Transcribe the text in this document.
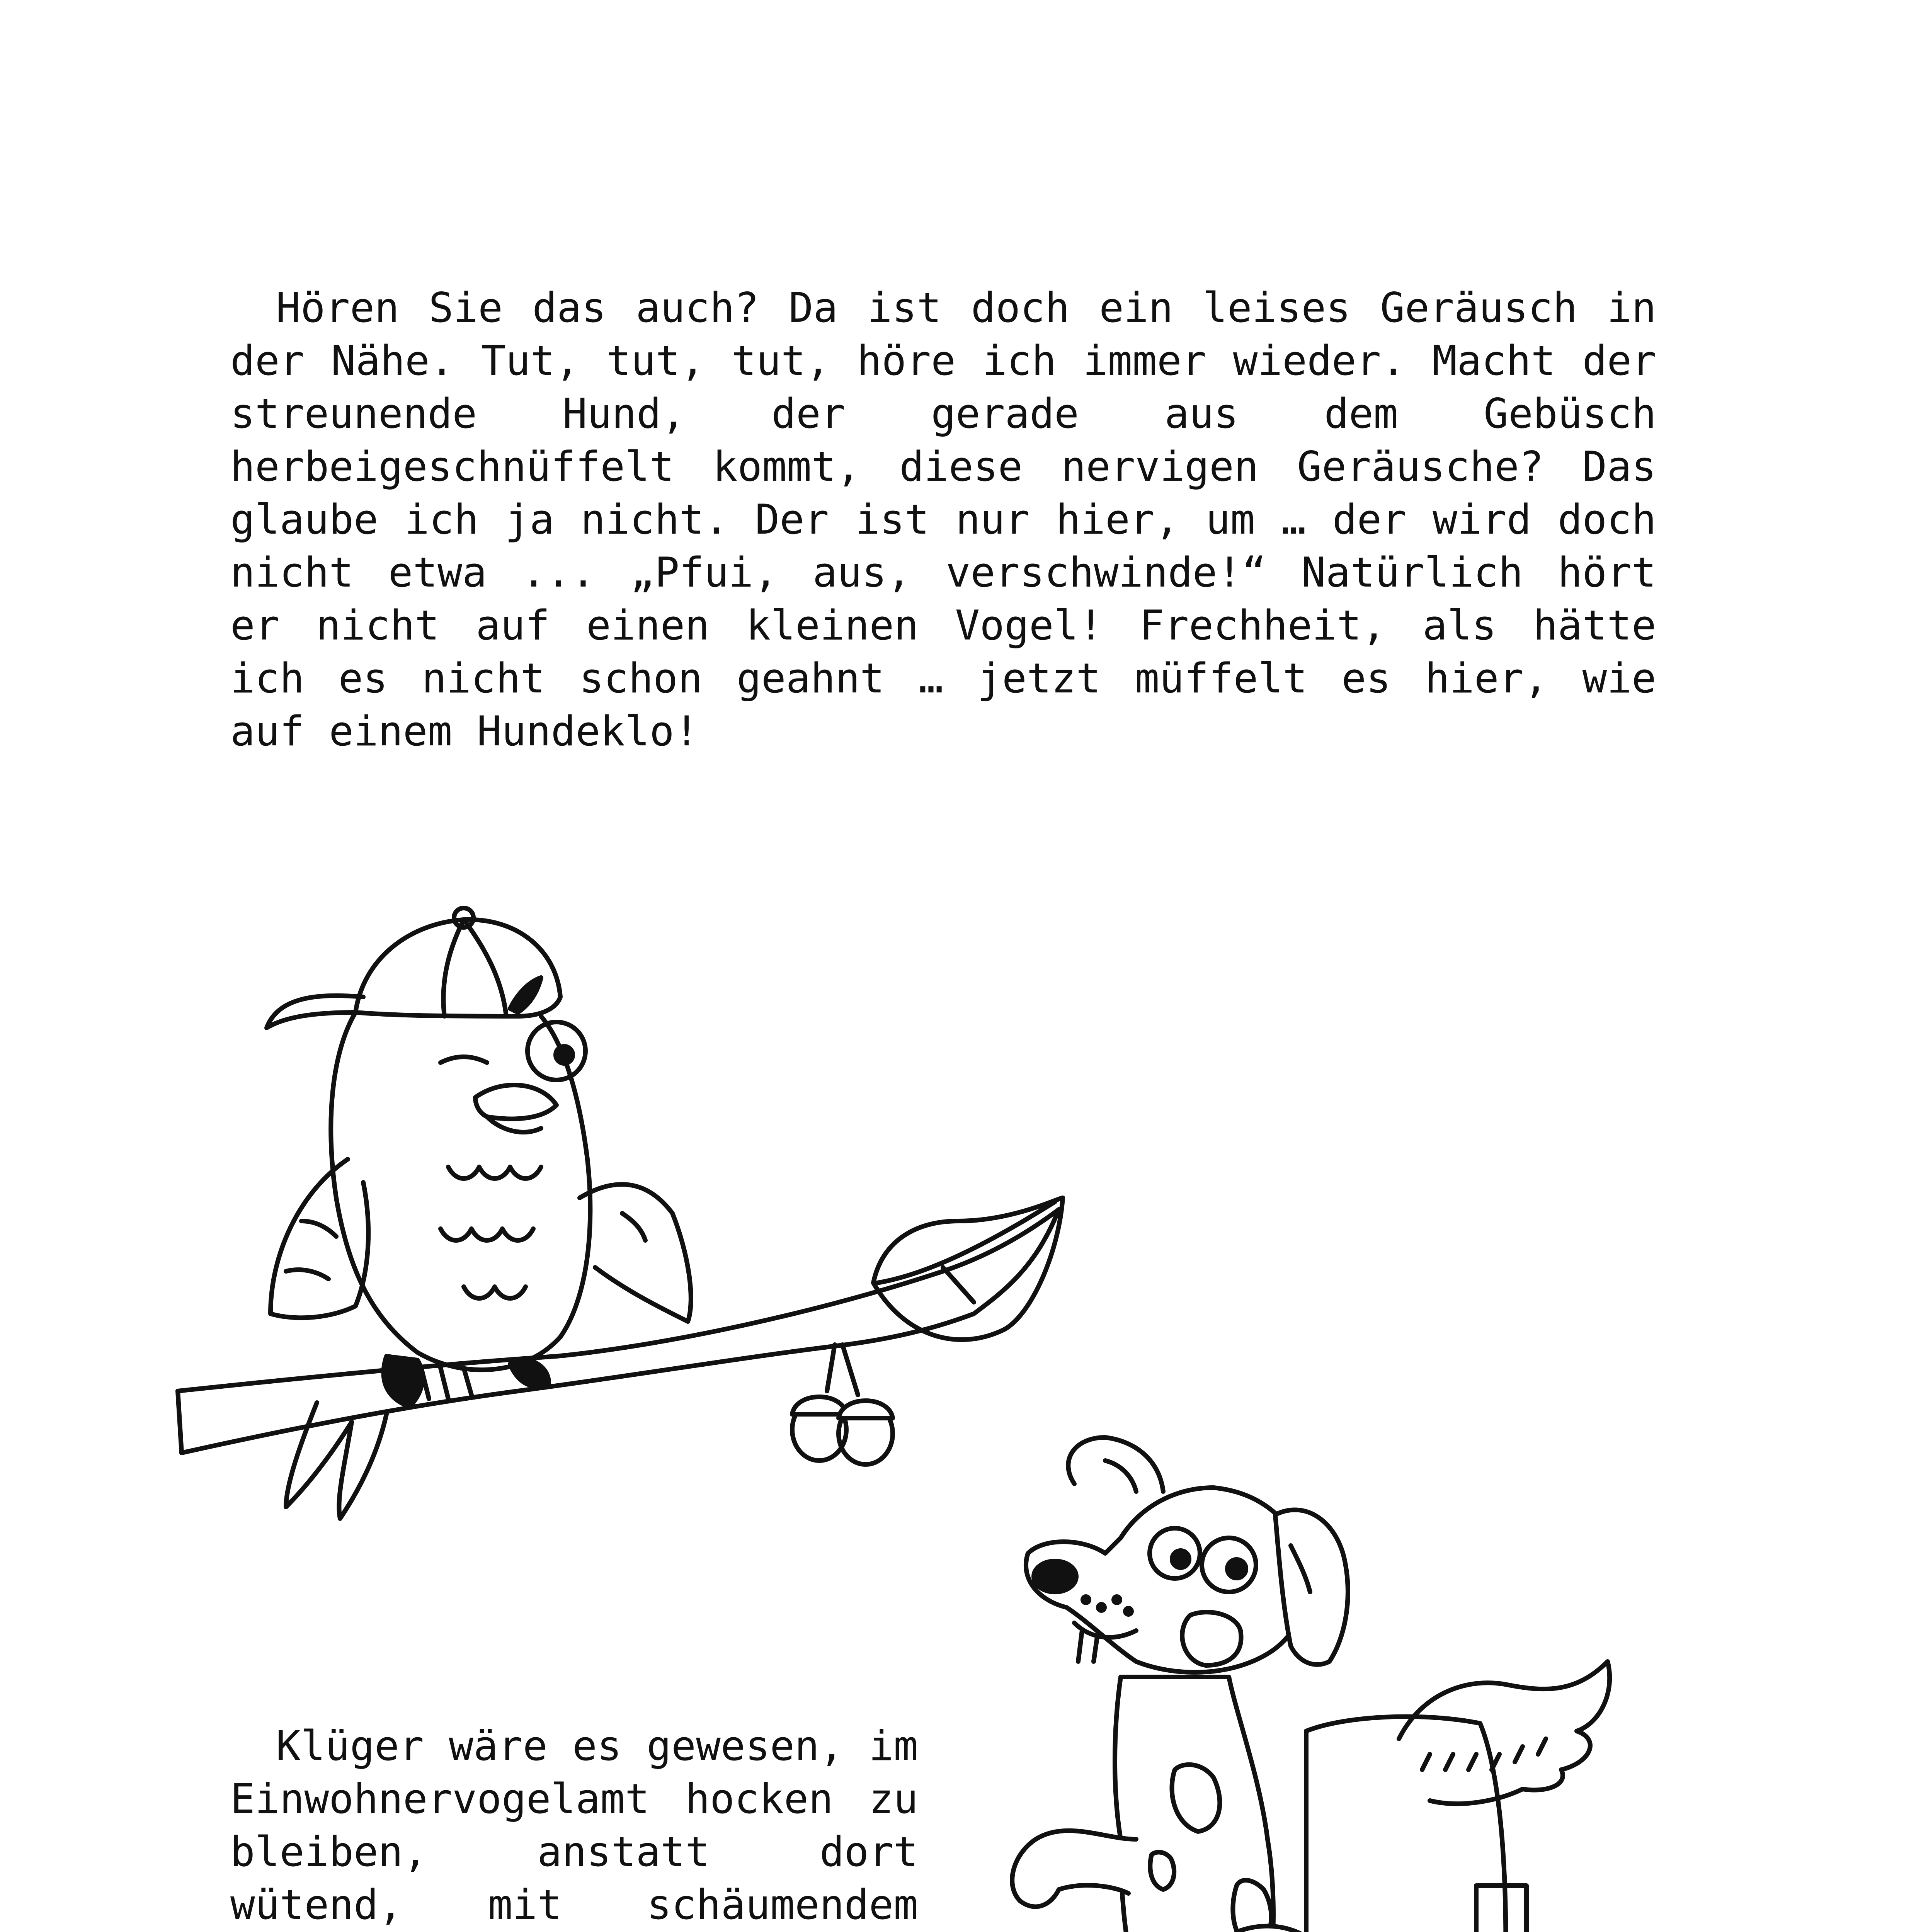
Hören Sie das auch? Da ist doch ein leises Geräusch in der Nähe. Tut, tut, tut, höre ich immer wieder. Macht der streunende Hund, der gerade aus dem Gebüsch herbeigeschnüffelt kommt, diese nervigen Geräusche? Das glaube ich ja nicht. Der ist nur hier, um … der wird doch nicht etwa ... „Pfui, aus, verschwinde!“ Natürlich hört er nicht auf einen kleinen Vogel! Frechheit, als hätte ich es nicht schon geahnt … jetzt müffelt es hier, wie auf einem Hundeklo!

Klüger wäre es gewesen, im Einwohnervogelamt hocken zu bleiben, anstatt dort wütend, mit schäumendem
